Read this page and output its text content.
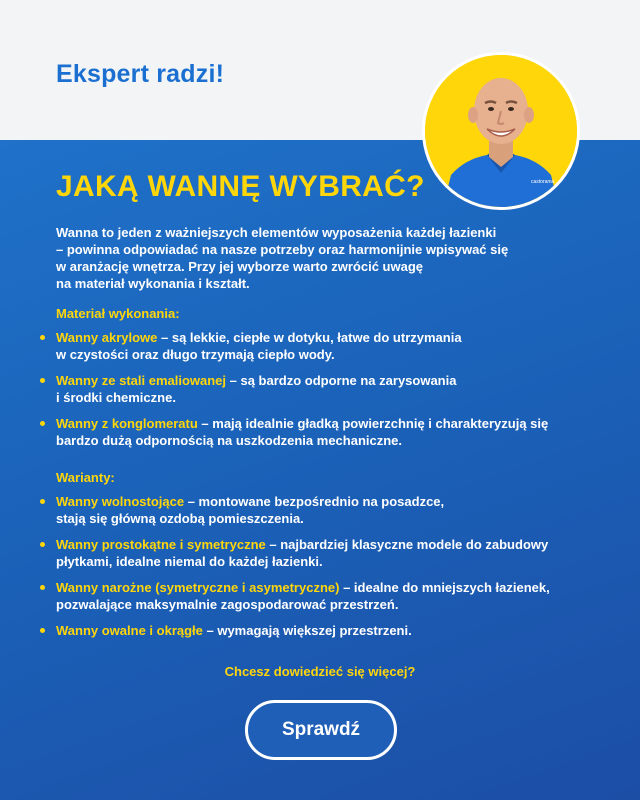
Ekspert radzi!
castorama
JAKĄ WANNĘ WYBRAĆ?
Wanna to jeden z ważniejszych elementów wyposażenia każdej łazienki
– powinna odpowiadać na nasze potrzeby oraz harmonijnie wpisywać się
w aranżację wnętrza. Przy jej wyborze warto zwrócić uwagę
na materiał wykonania i kształt.
Materiał wykonania:
Wanny akrylowe – są lekkie, ciepłe w dotyku, łatwe do utrzymania
w czystości oraz długo trzymają ciepło wody.
Wanny ze stali emaliowanej – są bardzo odporne na zarysowania
i środki chemiczne.
Wanny z konglomeratu – mają idealnie gładką powierzchnię i charakteryzują się
bardzo dużą odpornością na uszkodzenia mechaniczne.
Warianty:
Wanny wolnostojące – montowane bezpośrednio na posadzce,
stają się główną ozdobą pomieszczenia.
Wanny prostokątne i symetryczne – najbardziej klasyczne modele do zabudowy
płytkami, idealne niemal do każdej łazienki.
Wanny narożne (symetryczne i asymetryczne) – idealne do mniejszych łazienek,
pozwalające maksymalnie zagospodarować przestrzeń.
Wanny owalne i okrągłe – wymagają większej przestrzeni.
Chcesz dowiedzieć się więcej?
Sprawdź
